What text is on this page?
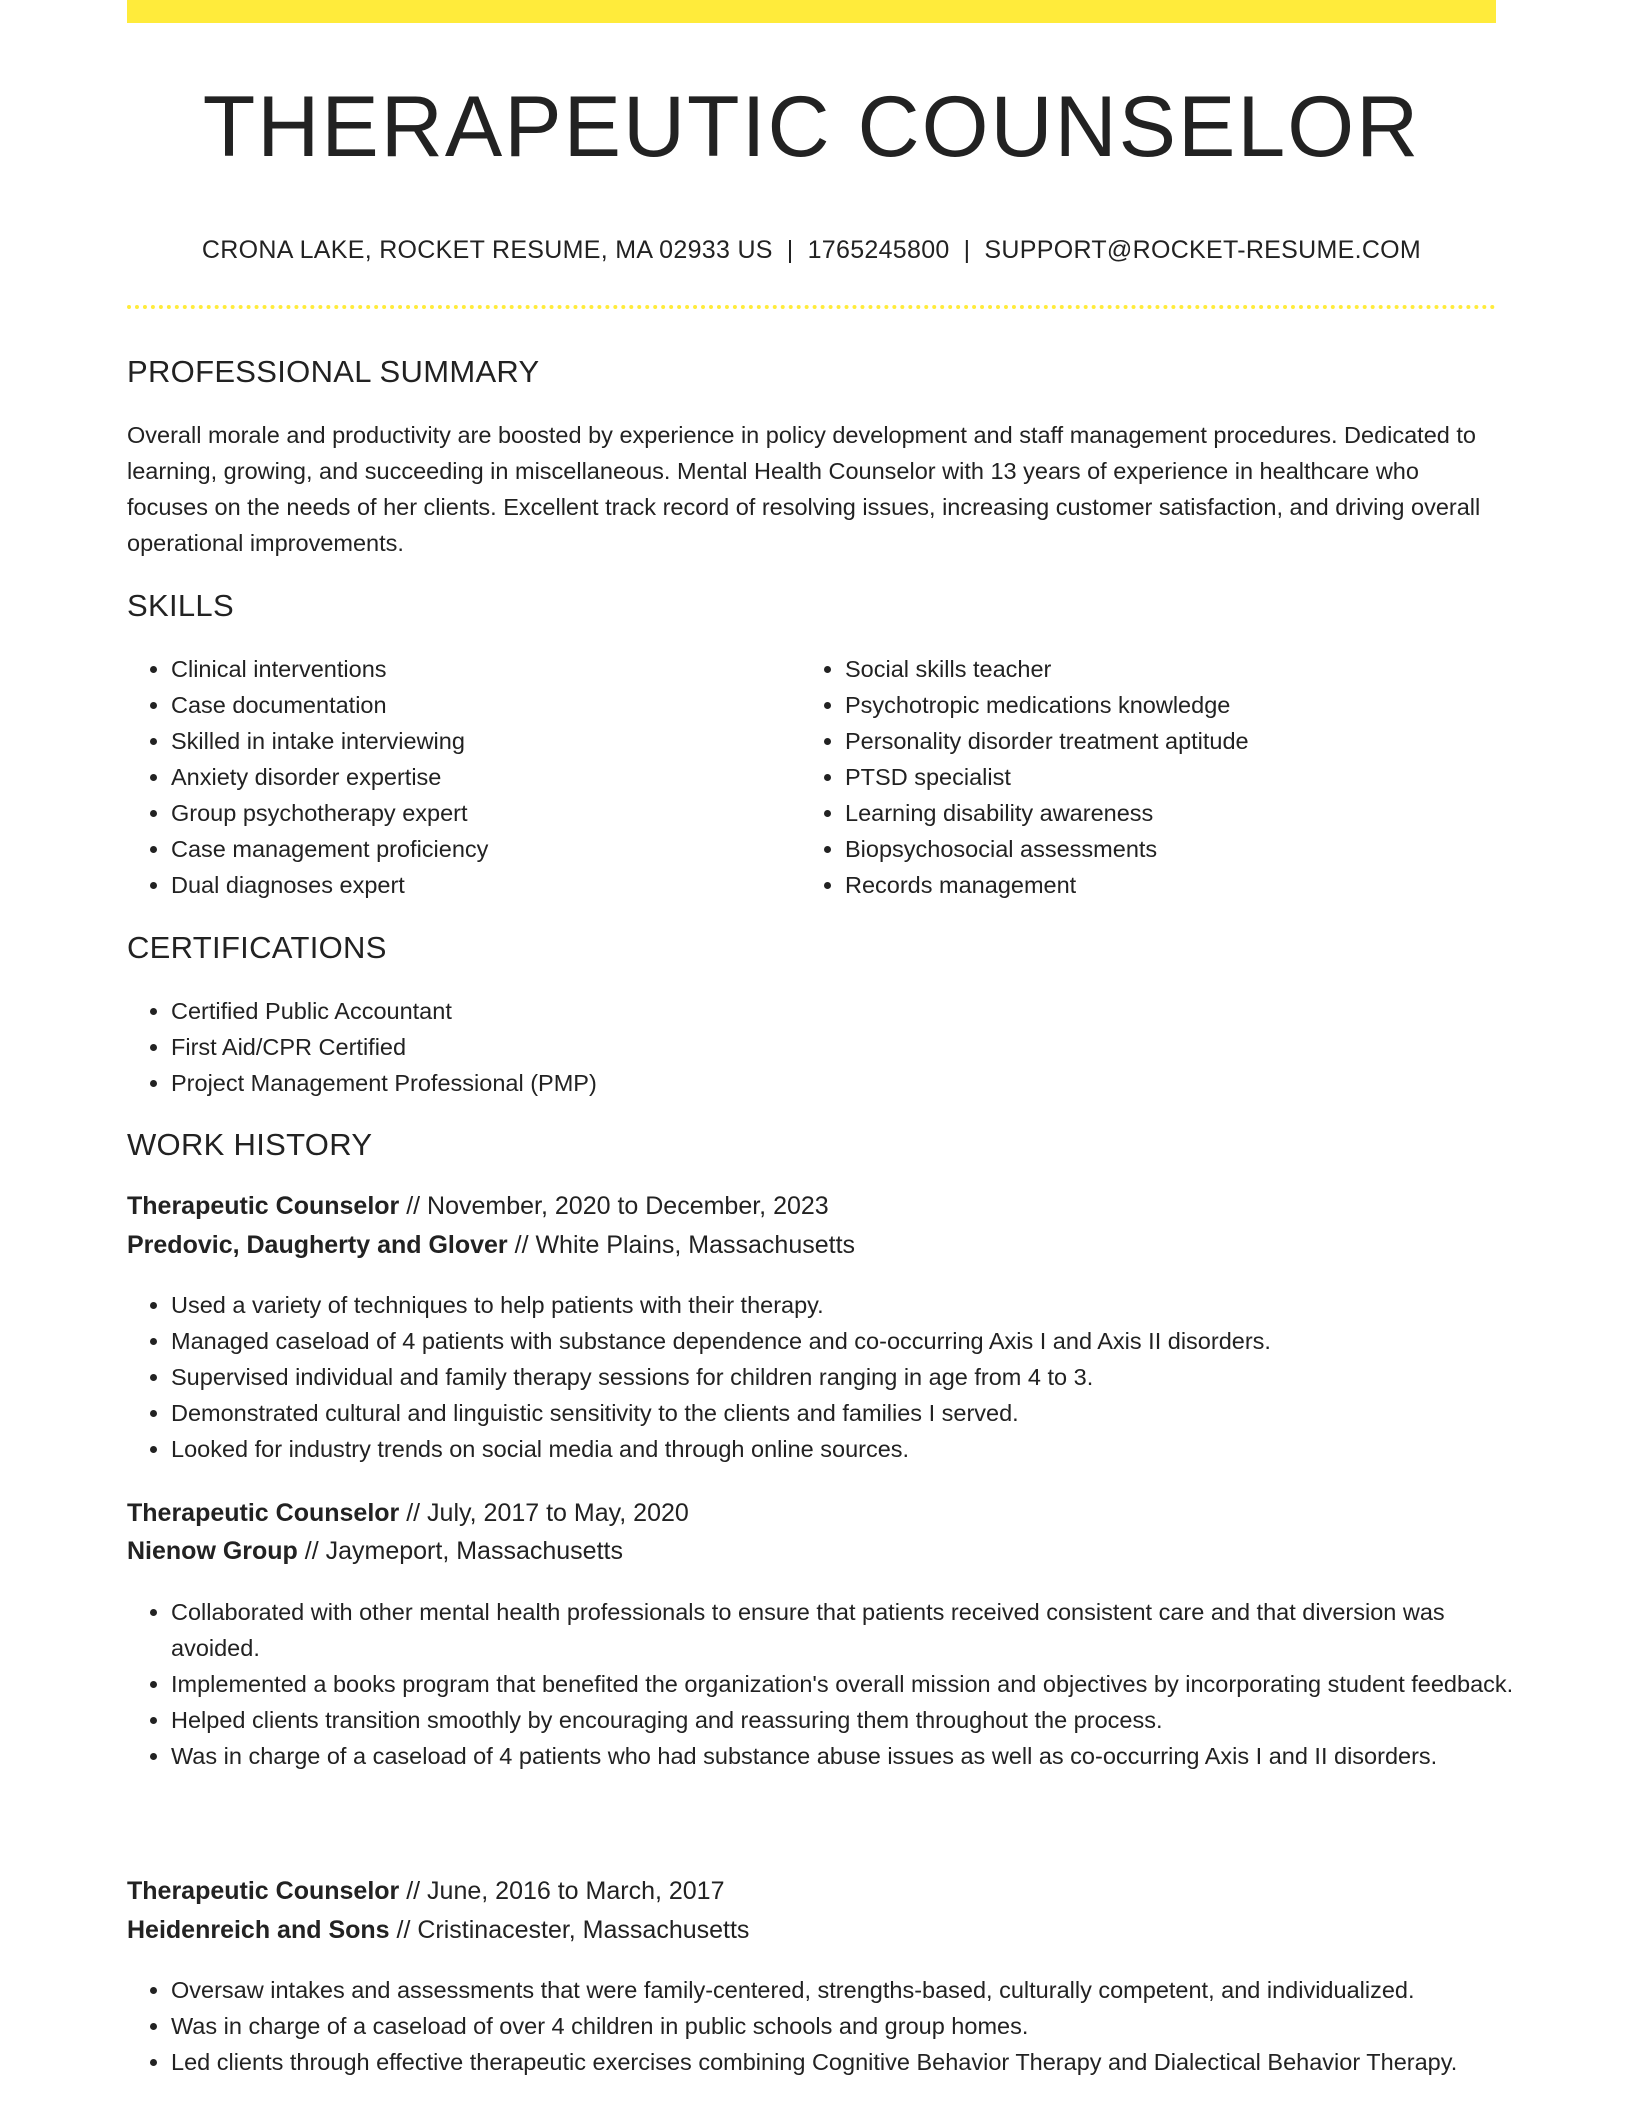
THERAPEUTIC COUNSELOR
CRONA LAKE, ROCKET RESUME, MA 02933 US | 1765245800 | SUPPORT@ROCKET-RESUME.COM
PROFESSIONAL SUMMARY

Overall morale and productivity are boosted by experience in policy development and staff management procedures. Dedicated to learning, growing, and succeeding in miscellaneous. Mental Health Counselor with 13 years of experience in healthcare who focuses on the needs of her clients. Excellent track record of resolving issues, increasing customer satisfaction, and driving overall operational improvements.

SKILLS
• Clinical interventions
• Case documentation
• Skilled in intake interviewing
• Anxiety disorder expertise
• Group psychotherapy expert
• Case management proficiency
• Dual diagnoses expert
• Social skills teacher
• Psychotropic medications knowledge
• Personality disorder treatment aptitude
• PTSD specialist
• Learning disability awareness
• Biopsychosocial assessments
• Records management
CERTIFICATIONS
• Certified Public Accountant
• First Aid/CPR Certified
• Project Management Professional (PMP)
WORK HISTORY
Therapeutic Counselor // November, 2020 to December, 2023
Predovic, Daugherty and Glover // White Plains, Massachusetts
• Used a variety of techniques to help patients with their therapy.
• Managed caseload of 4 patients with substance dependence and co-occurring Axis I and Axis II disorders.
• Supervised individual and family therapy sessions for children ranging in age from 4 to 3.
• Demonstrated cultural and linguistic sensitivity to the clients and families I served.
• Looked for industry trends on social media and through online sources.
Therapeutic Counselor // July, 2017 to May, 2020
Nienow Group // Jaymeport, Massachusetts
• Collaborated with other mental health professionals to ensure that patients received consistent care and that diversion was avoided.
• Implemented a books program that benefited the organization's overall mission and objectives by incorporating student feedback.
• Helped clients transition smoothly by encouraging and reassuring them throughout the process.
• Was in charge of a caseload of 4 patients who had substance abuse issues as well as co-occurring Axis I and II disorders.
Therapeutic Counselor // June, 2016 to March, 2017
Heidenreich and Sons // Cristinacester, Massachusetts
• Oversaw intakes and assessments that were family-centered, strengths-based, culturally competent, and individualized.
• Was in charge of a caseload of over 4 children in public schools and group homes.
• Led clients through effective therapeutic exercises combining Cognitive Behavior Therapy and Dialectical Behavior Therapy.
